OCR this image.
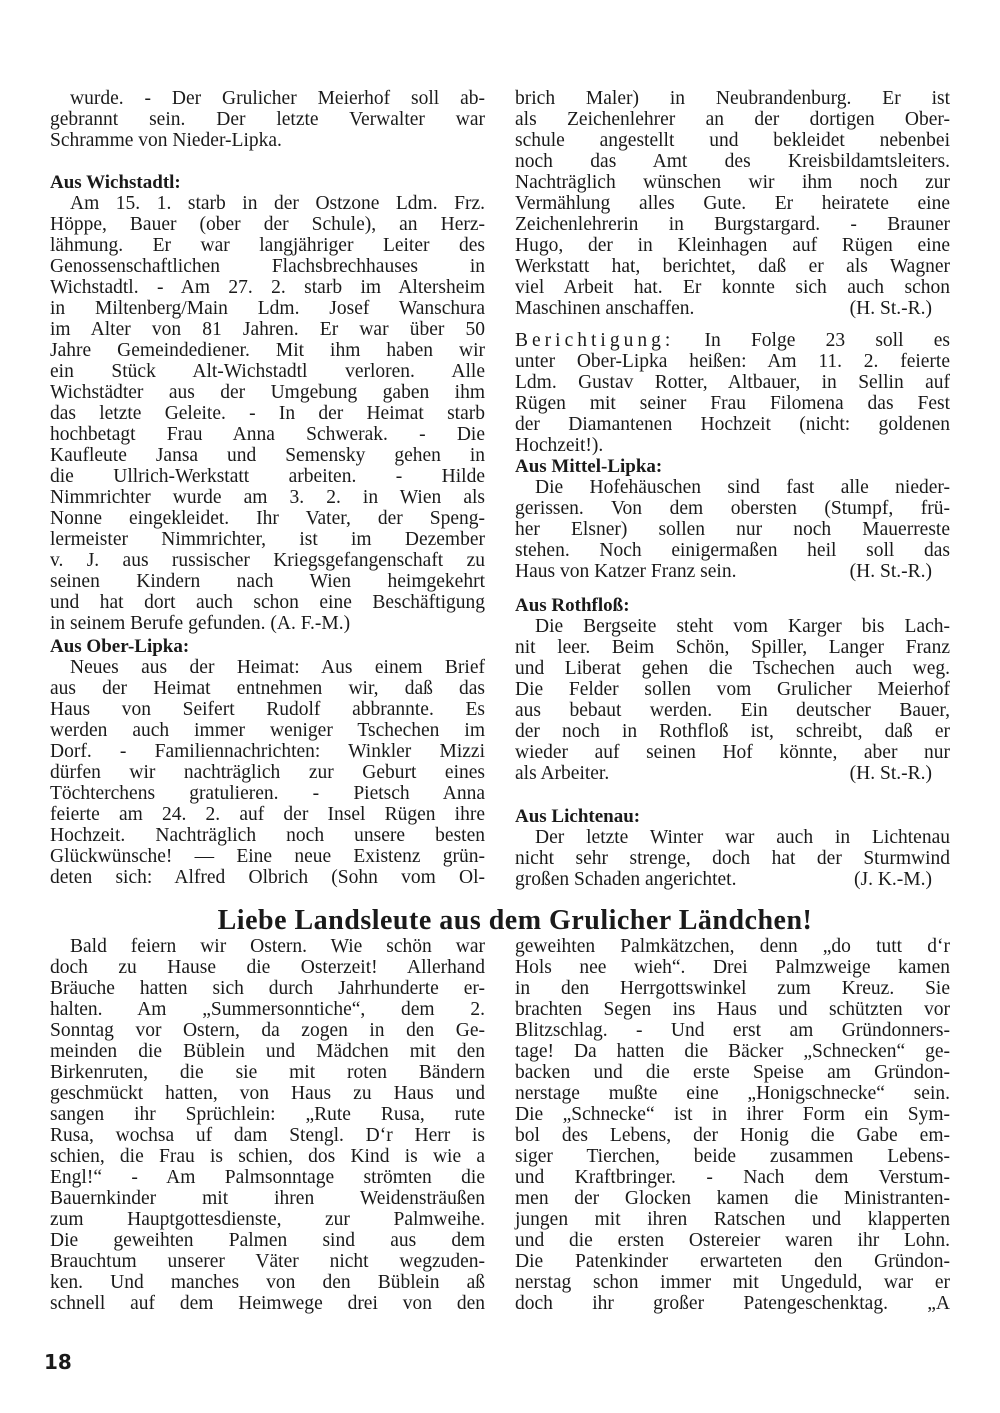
wurde. - Der Grulicher Meierhof soll ab-
gebrannt sein. Der letzte Verwalter war
Schramme von Nieder-Lipka.
Aus Wichstadtl:
Am 15. 1. starb in der Ostzone Ldm. Frz.
Höppe, Bauer (ober der Schule), an Herz-
lähmung. Er war langjähriger Leiter des
Genossenschaftlichen Flachsbrechhauses in
Wichstadtl. - Am 27. 2. starb im Altersheim
in Miltenberg/Main Ldm. Josef Wanschura
im Alter von 81 Jahren. Er war über 50
Jahre Gemeindediener. Mit ihm haben wir
ein Stück Alt-Wichstadtl verloren. Alle
Wichstädter aus der Umgebung gaben ihm
das letzte Geleite. - In der Heimat starb
hochbetagt Frau Anna Schwerak. - Die
Kaufleute Jansa und Semensky gehen in
die Ullrich-Werkstatt arbeiten. - Hilde
Nimmrichter wurde am 3. 2. in Wien als
Nonne eingekleidet. Ihr Vater, der Speng-
lermeister Nimmrichter, ist im Dezember
v. J. aus russischer Kriegsgefangenschaft zu
seinen Kindern nach Wien heimgekehrt
und hat dort auch schon eine Beschäftigung
in seinem Berufe gefunden. (A. F.-M.)
Aus Ober-Lipka:
Neues aus der Heimat: Aus einem Brief
aus der Heimat entnehmen wir, daß das
Haus von Seifert Rudolf abbrannte. Es
werden auch immer weniger Tschechen im
Dorf. - Familiennachrichten: Winkler Mizzi
dürfen wir nachträglich zur Geburt eines
Töchterchens gratulieren. - Pietsch Anna
feierte am 24. 2. auf der Insel Rügen ihre
Hochzeit. Nachträglich noch unsere besten
Glückwünsche! — Eine neue Existenz grün-
deten sich: Alfred Olbrich (Sohn vom Ol-
brich Maler) in Neubrandenburg. Er ist
als Zeichenlehrer an der dortigen Ober-
schule angestellt und bekleidet nebenbei
noch das Amt des Kreisbildamtsleiters.
Nachträglich wünschen wir ihm noch zur
Vermählung alles Gute. Er heiratete eine
Zeichenlehrerin in Burgstargard. - Brauner
Hugo, der in Kleinhagen auf Rügen eine
Werkstatt hat, berichtet, daß er als Wagner
viel Arbeit hat. Er konnte sich auch schon
Maschinen anschaffen.	(H. St.-R.)
Berichtigung: In Folge 23 soll es
unter Ober-Lipka heißen: Am 11. 2. feierte
Ldm. Gustav Rotter, Altbauer, in Sellin auf
Rügen mit seiner Frau Filomena das Fest
der Diamantenen Hochzeit (nicht: goldenen
Hochzeit!).
Aus Mittel-Lipka:
Die Hofehäuschen sind fast alle nieder-
gerissen. Von dem obersten (Stumpf, frü-
her Elsner) sollen nur noch Mauerreste
stehen. Noch einigermaßen heil soll das
Haus von Katzer Franz sein.	(H. St.-R.)
Aus Rothfloß:
Die Bergseite steht vom Karger bis Lach-
nit leer. Beim Schön, Spiller, Langer Franz
und Liberat gehen die Tschechen auch weg.
Die Felder sollen vom Grulicher Meierhof
aus bebaut werden. Ein deutscher Bauer,
der noch in Rothfloß ist, schreibt, daß er
wieder auf seinen Hof könnte, aber nur
als Arbeiter.	(H. St.-R.)
Aus Lichtenau:
Der letzte Winter war auch in Lichtenau
nicht sehr strenge, doch hat der Sturmwind
großen Schaden angerichtet.	(J. K.-M.)
Liebe Landsleute aus dem Grulicher Ländchen!
Bald feiern wir Ostern. Wie schön war
doch zu Hause die Osterzeit! Allerhand
Bräuche hatten sich durch Jahrhunderte er-
halten. Am „Summersonntiche“, dem 2.
Sonntag vor Ostern, da zogen in den Ge-
meinden die Büblein und Mädchen mit den
Birkenruten, die sie mit roten Bändern
geschmückt hatten, von Haus zu Haus und
sangen ihr Sprüchlein: „Rute Rusa, rute
Rusa, wochsa uf dam Stengl. D‘r Herr is
schien, die Frau is schien, dos Kind is wie a
Engl!“ - Am Palmsonntage strömten die
Bauernkinder mit ihren Weidensträußen
zum Hauptgottesdienste, zur Palmweihe.
Die geweihten Palmen sind aus dem
Brauchtum unserer Väter nicht wegzuden-
ken. Und manches von den Büblein aß
schnell auf dem Heimwege drei von den
geweihten Palmkätzchen, denn „do tutt d‘r
Hols nee wieh“. Drei Palmzweige kamen
in den Herrgottswinkel zum Kreuz. Sie
brachten Segen ins Haus und schützten vor
Blitzschlag. - Und erst am Gründonners-
tage! Da hatten die Bäcker „Schnecken“ ge-
backen und die erste Speise am Gründon-
nerstage mußte eine „Honigschnecke“ sein.
Die „Schnecke“ ist in ihrer Form ein Sym-
bol des Lebens, der Honig die Gabe em-
siger Tierchen, beide zusammen Lebens-
und Kraftbringer. - Nach dem Verstum-
men der Glocken kamen die Ministranten-
jungen mit ihren Ratschen und klapperten
und die ersten Ostereier waren ihr Lohn.
Die Patenkinder erwarteten den Gründon-
nerstag schon immer mit Ungeduld, war er
doch ihr großer Patengeschenktag. „A
18
